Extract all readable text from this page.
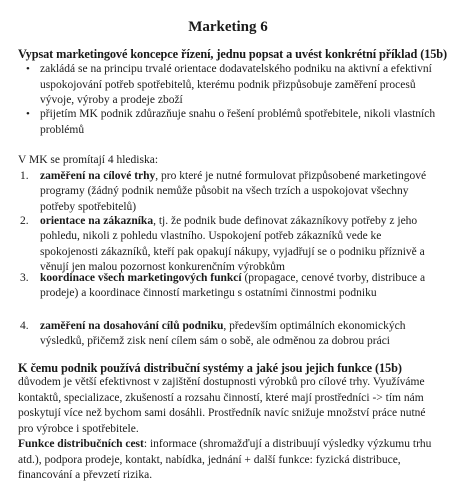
Marketing 6
Vypsat marketingové koncepce řízení, jednu popsat a uvést konkrétní příklad (15b)
• zakládá se na principu trvalé orientace dodavatelského podniku na aktivní a efektivní uspokojování potřeb spotřebitelů, kterému podnik přizpůsobuje zaměření procesů vývoje, výroby a prodeje zboží
• přijetím MK podnik zdůrazňuje snahu o řešení problémů spotřebitele, nikoli vlastních problémů
V MK se promítají 4 hlediska:
1. zaměření na cílové trhy, pro které je nutné formulovat přizpůsobené marketingové programy (žádný podnik nemůže působit na všech trzích a uspokojovat všechny potřeby spotřebitelů)
2. orientace na zákazníka, tj. že podnik bude definovat zákazníkovy potřeby z jeho pohledu, nikoli z pohledu vlastního. Uspokojení potřeb zákazníků vede ke spokojenosti zákazníků, kteří pak opakují nákupy, vyjadřují se o podniku příznivě a věnují jen malou pozornost konkurenčním výrobkům
3. koordinace všech marketingových funkcí (propagace, cenové tvorby, distribuce a prodeje) a koordinace činností marketingu s ostatními činnostmi podniku
4. zaměření na dosahování cílů podniku, především optimálních ekonomických výsledků, přičemž zisk není cílem sám o sobě, ale odměnou za dobrou práci
K čemu podnik používá distribuční systémy a jaké jsou jejich funkce (15b)
důvodem je větší efektivnost v zajištění dostupnosti výrobků pro cílové trhy. Využíváme kontaktů, specializace, zkušeností a rozsahu činností, které mají prostředníci -> tím nám poskytují více než bychom sami dosáhli. Prostředník navíc snižuje množství práce nutné pro výrobce i spotřebitele.
Funkce distribučních cest: informace (shromažďují a distribuují výsledky výzkumu trhu atd.), podpora prodeje, kontakt, nabídka, jednání + další funkce: fyzická distribuce, financování a převzetí rizika.
